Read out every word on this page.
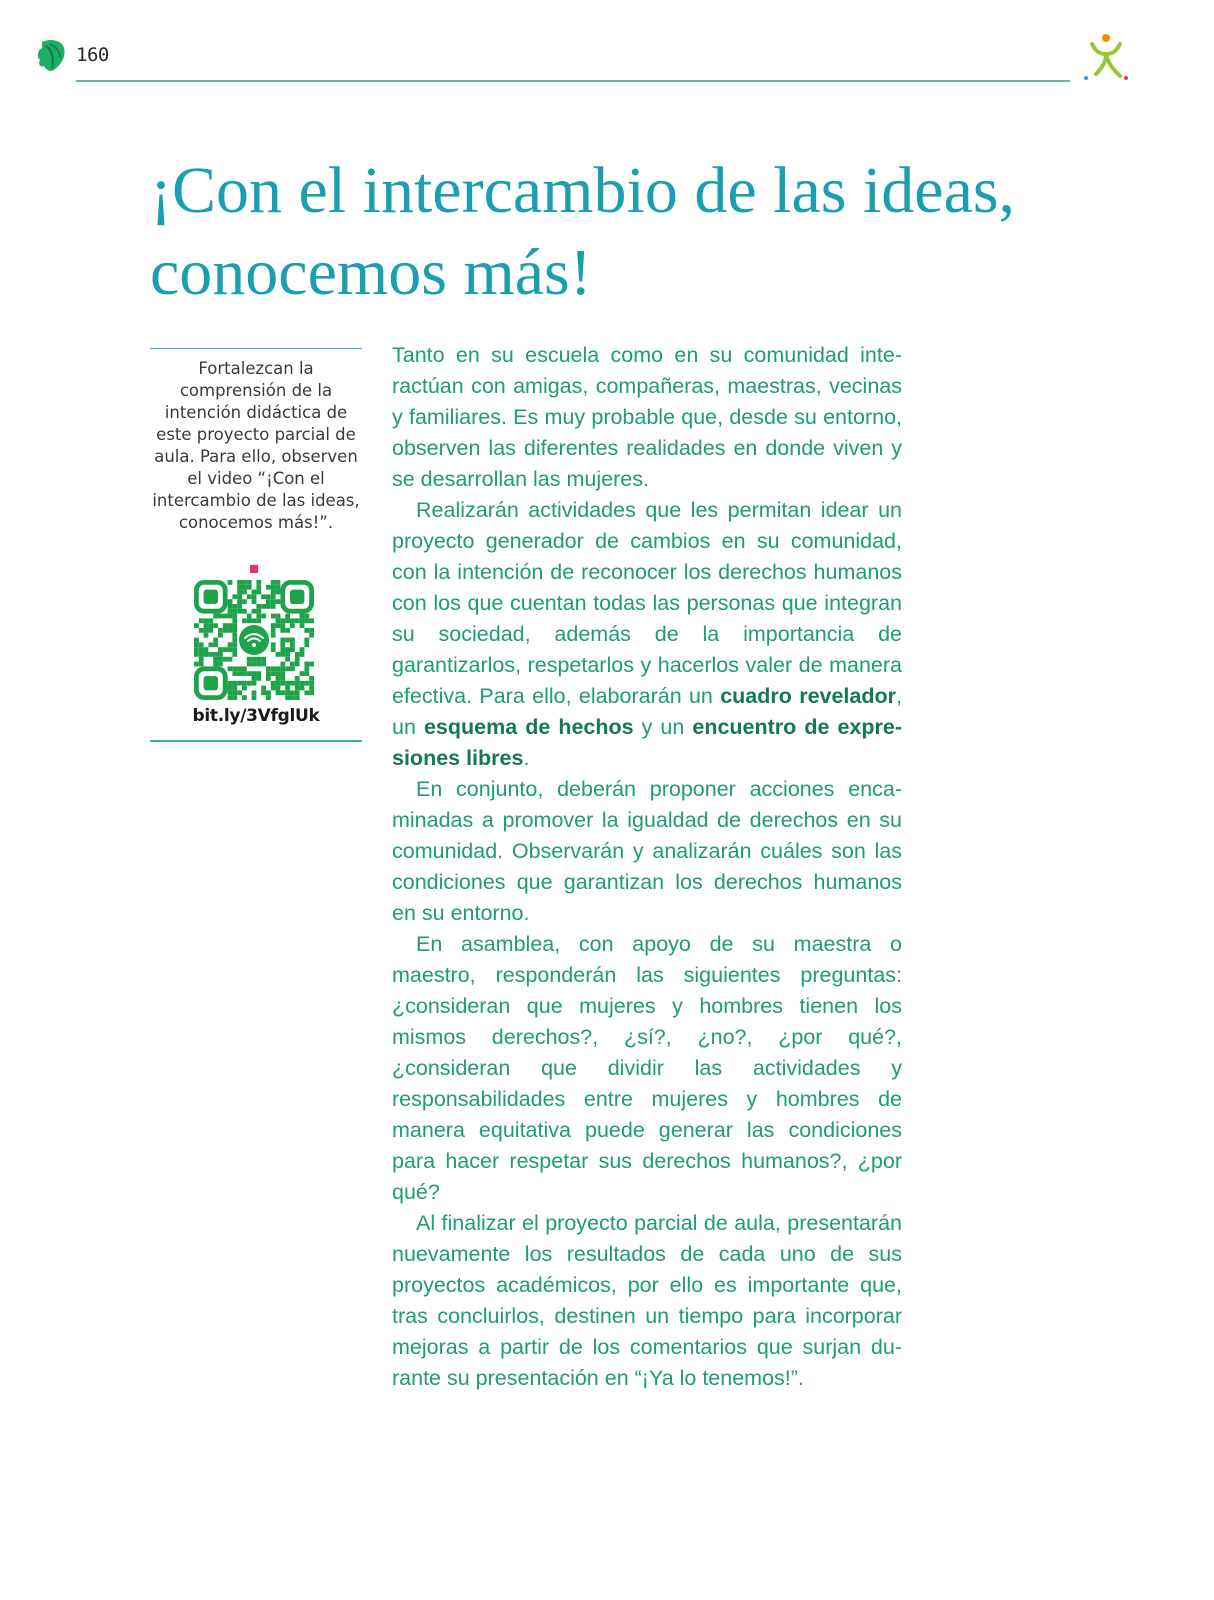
160
¡Con el intercambio de las ideas,
conocemos más!

Fortalezcan la comprensión de la intención didáctica de este proyecto parcial de aula. Para ello, observen el video “¡Con el intercambio de las ideas, conocemos más!”.

bit.ly/3VfglUk

Tanto en su escuela como en su comunidad interactúan con amigas, compañeras, maestras, vecinas y familiares. Es muy probable que, desde su entorno, observen las diferentes realidades en donde viven y se desarrollan las mujeres.

Realizarán actividades que les permitan idear un proyecto generador de cambios en su comunidad, con la intención de reconocer los derechos humanos con los que cuentan todas las personas que integran su sociedad, además de la importancia de garantizarlos, respetarlos y hacerlos valer de manera efectiva. Para ello, elaborarán un cuadro revelador, un esquema de hechos y un encuentro de expresiones libres.

En conjunto, deberán proponer acciones encaminadas a promover la igualdad de derechos en su comunidad. Observarán y analizarán cuáles son las condiciones que garantizan los derechos humanos en su entorno.

En asamblea, con apoyo de su maestra o maestro, responderán las siguientes preguntas: ¿consideran que mujeres y hombres tienen los mismos derechos?, ¿sí?, ¿no?, ¿por qué?, ¿consideran que dividir las actividades y responsabilidades entre mujeres y hombres de manera equitativa puede generar las condiciones para hacer respetar sus derechos humanos?, ¿por qué?

Al finalizar el proyecto parcial de aula, presentarán nuevamente los resultados de cada uno de sus proyectos académicos, por ello es importante que, tras concluirlos, destinen un tiempo para incorporar mejoras a partir de los comentarios que surjan durante su presentación en “¡Ya lo tenemos!”.
